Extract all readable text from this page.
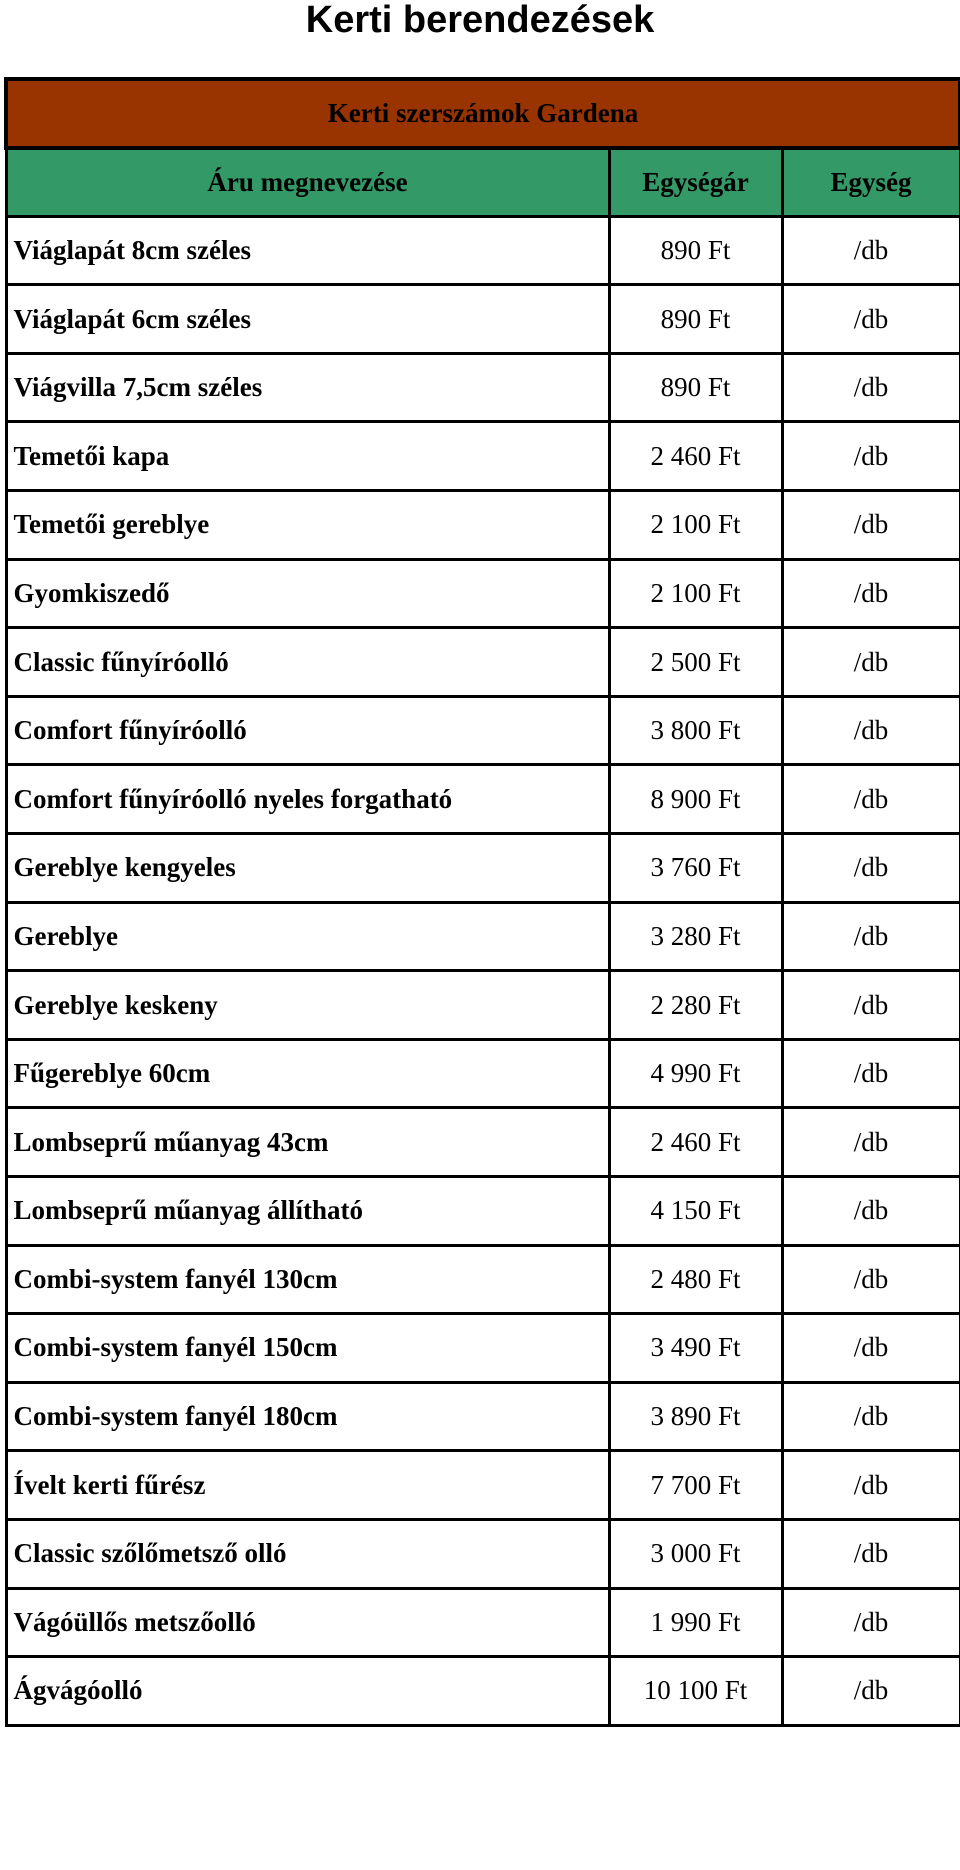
Kerti berendezések
Kerti szerszámok Gardena		
Áru megnevezése	Egységár	Egység
Viáglapát 8cm széles	890 Ft	/db
Viáglapát 6cm széles	890 Ft	/db
Viágvilla 7,5cm széles	890 Ft	/db
Temetői kapa	2 460 Ft	/db
Temetői gereblye	2 100 Ft	/db
Gyomkiszedő	2 100 Ft	/db
Classic fűnyíróolló	2 500 Ft	/db
Comfort fűnyíróolló	3 800 Ft	/db
Comfort fűnyíróolló nyeles forgatható	8 900 Ft	/db
Gereblye kengyeles	3 760 Ft	/db
Gereblye	3 280 Ft	/db
Gereblye keskeny	2 280 Ft	/db
Fűgereblye 60cm	4 990 Ft	/db
Lombseprű műanyag 43cm	2 460 Ft	/db
Lombseprű műanyag állítható	4 150 Ft	/db
Combi-system fanyél 130cm	2 480 Ft	/db
Combi-system fanyél 150cm	3 490 Ft	/db
Combi-system fanyél 180cm	3 890 Ft	/db
Ívelt kerti fűrész	7 700 Ft	/db
Classic szőlőmetsző olló	3 000 Ft	/db
Vágóüllős metszőolló	1 990 Ft	/db
Ágvágóolló	10 100 Ft	/db
